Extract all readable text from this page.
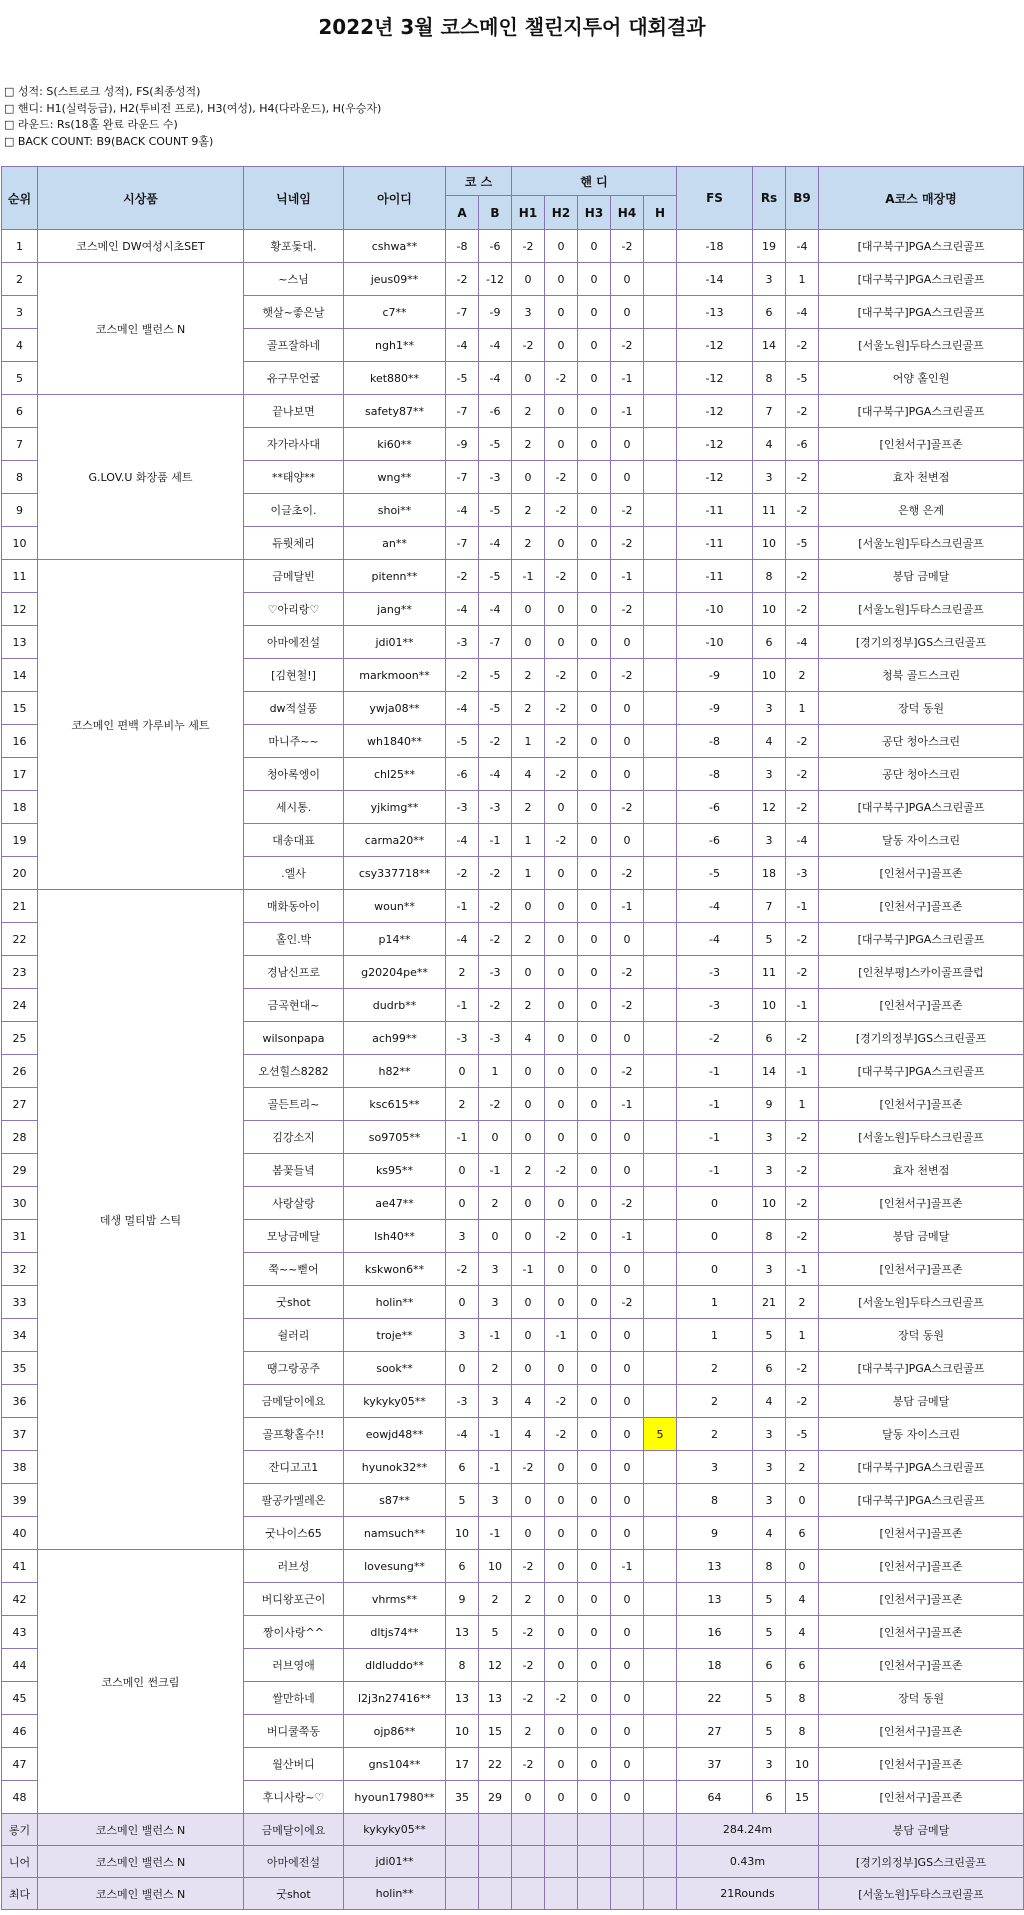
2022년 3월 코스메인 챌린지투어 대회결과
□ 성적: S(스트로크 성적), FS(최종성적)
□ 핸디: H1(실력등급), H2(투비전 프로), H3(여성), H4(다라운드), H(우승자)
□ 라운드: Rs(18홀 완료 라운드 수)
□ BACK COUNT: B9(BACK COUNT 9홀)
순위	시상품	닉네임	아이디	코 스		핸 디					FS	Rs	B9	A코스 매장명
				A	B	H1	H2	H3	H4	H				
1	코스메인 DW여성시초SET	황포돛대.	cshwa**	-8	-6	-2	0	0	-2		-18	19	-4	[대구북구]PGA스크린골프
2	코스메인 밸런스 N	~스님	jeus09**	-2	-12	0	0	0	0		-14	3	1	[대구북구]PGA스크린골프
3		햇살~좋은날	c7**	-7	-9	3	0	0	0		-13	6	-4	[대구북구]PGA스크린골프
4		골프잘하네	ngh1**	-4	-4	-2	0	0	-2		-12	14	-2	[서울노원]두타스크린골프
5		유구무언굴	ket880**	-5	-4	0	-2	0	-1		-12	8	-5	어양 홀인원
6	G.LOV.U 화장품 세트	끝나보면	safety87**	-7	-6	2	0	0	-1		-12	7	-2	[대구북구]PGA스크린골프
7		자가라사대	ki60**	-9	-5	2	0	0	0		-12	4	-6	[인천서구]골프존
8		**태양**	wng**	-7	-3	0	-2	0	0		-12	3	-2	효자 천변점
9		이글초이.	shoi**	-4	-5	2	-2	0	-2		-11	11	-2	은행 은계
10		듀뤗체리	an**	-7	-4	2	0	0	-2		-11	10	-5	[서울노원]두타스크린골프
11	코스메인 편백 가루비누 세트	금메달빈	pitenn**	-2	-5	-1	-2	0	-1		-11	8	-2	봉담 금메달
12		♡아리랑♡	jang**	-4	-4	0	0	0	-2		-10	10	-2	[서울노원]두타스크린골프
13		아마에전설	jdi01**	-3	-7	0	0	0	0		-10	6	-4	[경기의정부]GS스크린골프
14		[김현철!]	markmoon**	-2	-5	2	-2	0	-2		-9	10	2	청북 골드스크린
15		dw적설풍	ywja08**	-4	-5	2	-2	0	0		-9	3	1	장덕 동원
16		마니주~~	wh1840**	-5	-2	1	-2	0	0		-8	4	-2	공단 청아스크린
17		청아록엥이	chl25**	-6	-4	4	-2	0	0		-8	3	-2	공단 청아스크린
18		세시통.	yjkimg**	-3	-3	2	0	0	-2		-6	12	-2	[대구북구]PGA스크린골프
19		대송대표	carma20**	-4	-1	1	-2	0	0		-6	3	-4	달동 자이스크린
20		.엘사	csy337718**	-2	-2	1	0	0	-2		-5	18	-3	[인천서구]골프존
21	데생 멀티밤 스틱	매화동아이	woun**	-1	-2	0	0	0	-1		-4	7	-1	[인천서구]골프존
22		홀인.박	p14**	-4	-2	2	0	0	0		-4	5	-2	[대구북구]PGA스크린골프
23		경남신프로	g20204pe**	2	-3	0	0	0	-2		-3	11	-2	[인천부평]스카이골프클럽
24		금곡현대~	dudrb**	-1	-2	2	0	0	-2		-3	10	-1	[인천서구]골프존
25		wilsonpapa	ach99**	-3	-3	4	0	0	0		-2	6	-2	[경기의정부]GS스크린골프
26		오션힐스8282	h82**	0	1	0	0	0	-2		-1	14	-1	[대구북구]PGA스크린골프
27		골든트리~	ksc615**	2	-2	0	0	0	-1		-1	9	1	[인천서구]골프존
28		김강소지	so9705**	-1	0	0	0	0	0		-1	3	-2	[서울노원]두타스크린골프
29		봄꽃들녘	ks95**	0	-1	2	-2	0	0		-1	3	-2	효자 천변점
30		사랑살랑	ae47**	0	2	0	0	0	-2		0	10	-2	[인천서구]골프존
31		모낭금메달	lsh40**	3	0	0	-2	0	-1		0	8	-2	봉담 금메달
32		쭉~~뻗어	kskwon6**	-2	3	-1	0	0	0		0	3	-1	[인천서구]골프존
33		굿shot	holin**	0	3	0	0	0	-2		1	21	2	[서울노원]두타스크린골프
34		쉴러리	troje**	3	-1	0	-1	0	0		1	5	1	장덕 동원
35		땡그랑공주	sook**	0	2	0	0	0	0		2	6	-2	[대구북구]PGA스크린골프
36		금메달이에요	kykyky05**	-3	3	4	-2	0	0		2	4	-2	봉담 금메달
37		골프황홀수!!	eowjd48**	-4	-1	4	-2	0	0	5	2	3	-5	달동 자이스크린
38		잔디고고1	hyunok32**	6	-1	-2	0	0	0		3	3	2	[대구북구]PGA스크린골프
39		팔공카멜레온	s87**	5	3	0	0	0	0		8	3	0	[대구북구]PGA스크린골프
40		굿나이스65	namsuch**	10	-1	0	0	0	0		9	4	6	[인천서구]골프존
41	코스메인 썬크림	러브성	lovesung**	6	10	-2	0	0	-1		13	8	0	[인천서구]골프존
42		버디왕포근이	vhrms**	9	2	2	0	0	0		13	5	4	[인천서구]골프존
43		짱이사랑^^	dltjs74**	13	5	-2	0	0	0		16	5	4	[인천서구]골프존
44		러브영애	dldluddo**	8	12	-2	0	0	0		18	6	6	[인천서구]골프존
45		쌀만하네	l2j3n27416**	13	13	-2	-2	0	0		22	5	8	장덕 동원
46		버디쿨쭉동	ojp86**	10	15	2	0	0	0		27	5	8	[인천서구]골프존
47		월산버디	gns104**	17	22	-2	0	0	0		37	3	10	[인천서구]골프존
48		후니사랑~♡	hyoun17980**	35	29	0	0	0	0		64	6	15	[인천서구]골프존
롱기	코스메인 밸런스 N	금메달이에요	kykyky05**								284.24m			봉담 금메달
니어	코스메인 밸런스 N	아마에전설	jdi01**								0.43m			[경기의정부]GS스크린골프
최다	코스메인 밸런스 N	굿shot	holin**								21Rounds			[서울노원]두타스크린골프
